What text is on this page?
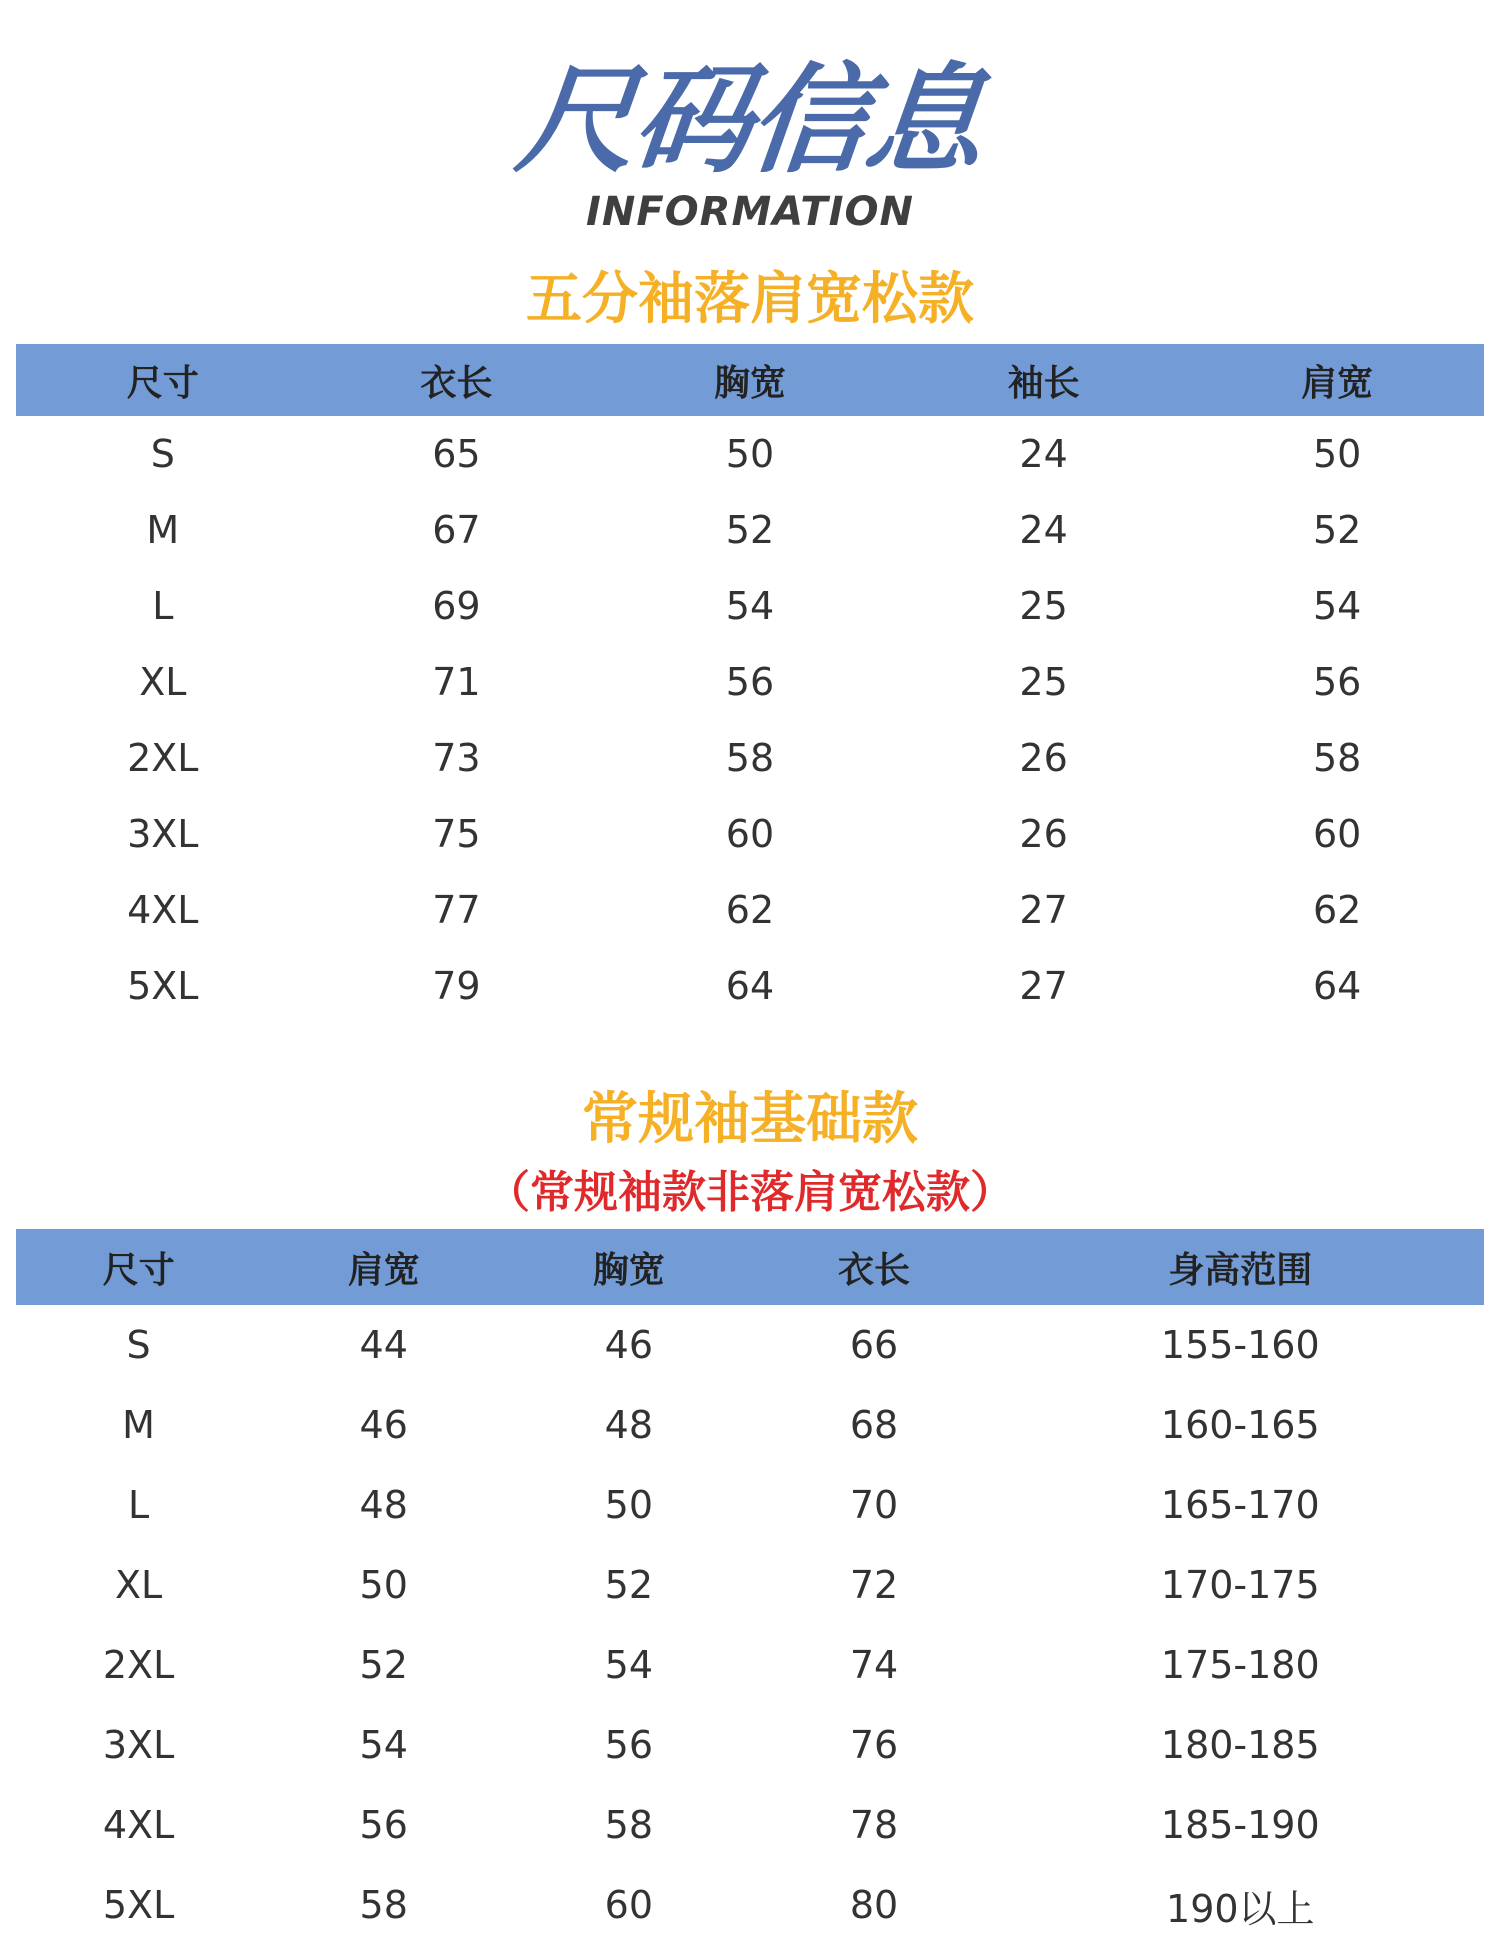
尺码信息
INFORMATION
五分袖落肩宽松款
尺寸	衣长	胸宽	袖长	肩宽
S	65	50	24	50
M	67	52	24	52
L	69	54	25	54
XL	71	56	25	56
2XL	73	58	26	58
3XL	75	60	26	60
4XL	77	62	27	62
5XL	79	64	27	64
常规袖基础款
（常规袖款非落肩宽松款）
尺寸	肩宽	胸宽	衣长	身高范围
S	44	46	66	155-160
M	46	48	68	160-165
L	48	50	70	165-170
XL	50	52	72	170-175
2XL	52	54	74	175-180
3XL	54	56	76	180-185
4XL	56	58	78	185-190
5XL	58	60	80	190以上
